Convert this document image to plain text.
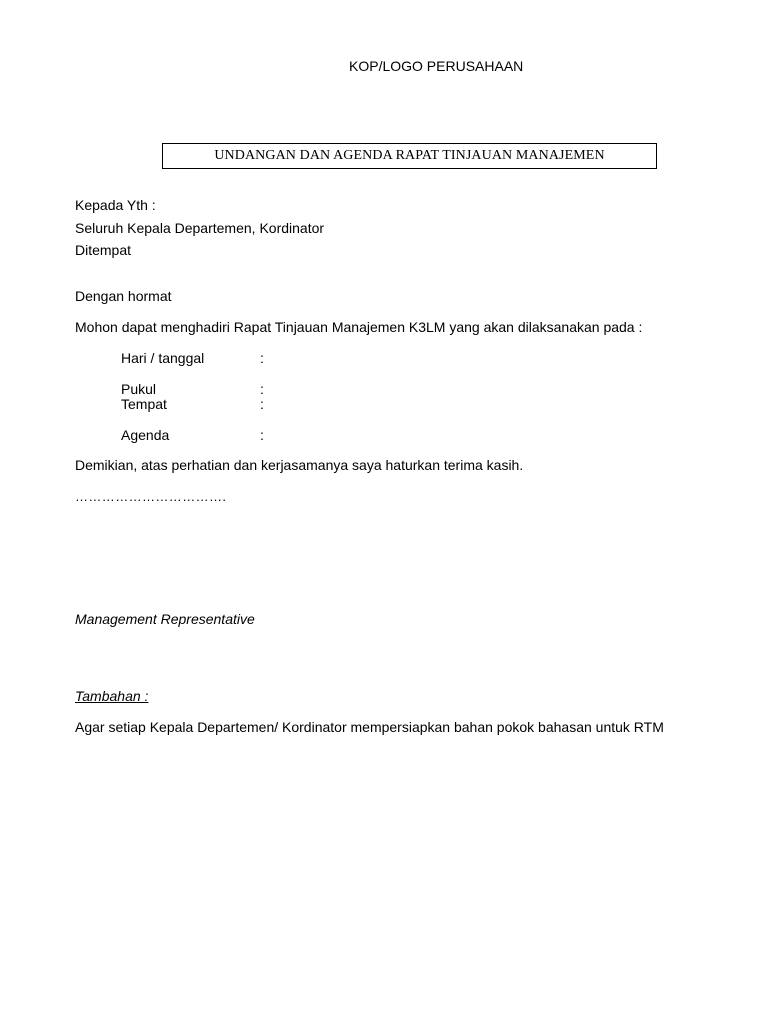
KOP/LOGO PERUSAHAAN
UNDANGAN DAN AGENDA RAPAT TINJAUAN MANAJEMEN
Kepada Yth :
Seluruh Kepala Departemen, Kordinator
Ditempat
Dengan hormat
Mohon dapat menghadiri Rapat Tinjauan Manajemen K3LM yang akan dilaksanakan pada :
Hari / tanggal	:
Pukul	:
Tempat	:
Agenda	:
Demikian, atas perhatian dan kerjasamanya saya haturkan terima kasih.
…………………………….
Management Representative
Tambahan :
Agar setiap Kepala Departemen/ Kordinator mempersiapkan bahan pokok bahasan untuk RTM
